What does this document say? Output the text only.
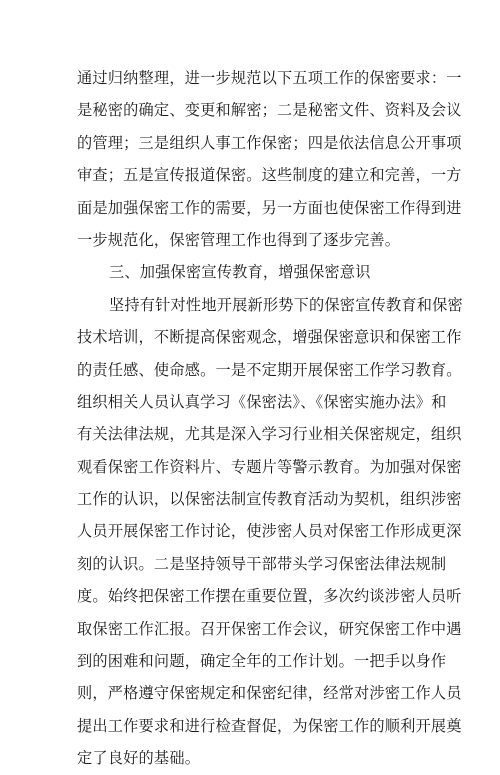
通过归纳整理，进一步规范以下五项工作的保密要求：一
是秘密的确定、变更和解密；二是秘密文件、资料及会议
的管理；三是组织人事工作保密；四是依法信息公开事项
审查；五是宣传报道保密。这些制度的建立和完善，一方
面是加强保密工作的需要，另一方面也使保密工作得到进
一步规范化，保密管理工作也得到了逐步完善。
三、加强保密宣传教育，增强保密意识
坚持有针对性地开展新形势下的保密宣传教育和保密
技术培训，不断提高保密观念，增强保密意识和保密工作
的责任感、使命感。一是不定期开展保密工作学习教育。
组织相关人员认真学习《保密法》、《保密实施办法》和
有关法律法规，尤其是深入学习行业相关保密规定，组织
观看保密工作资料片、专题片等警示教育。为加强对保密
工作的认识，以保密法制宣传教育活动为契机，组织涉密
人员开展保密工作讨论，使涉密人员对保密工作形成更深
刻的认识。二是坚持领导干部带头学习保密法律法规制
度。始终把保密工作摆在重要位置，多次约谈涉密人员听
取保密工作汇报。召开保密工作会议，研究保密工作中遇
到的困难和问题，确定全年的工作计划。一把手以身作
则，严格遵守保密规定和保密纪律，经常对涉密工作人员
提出工作要求和进行检查督促，为保密工作的顺利开展奠
定了良好的基础。
